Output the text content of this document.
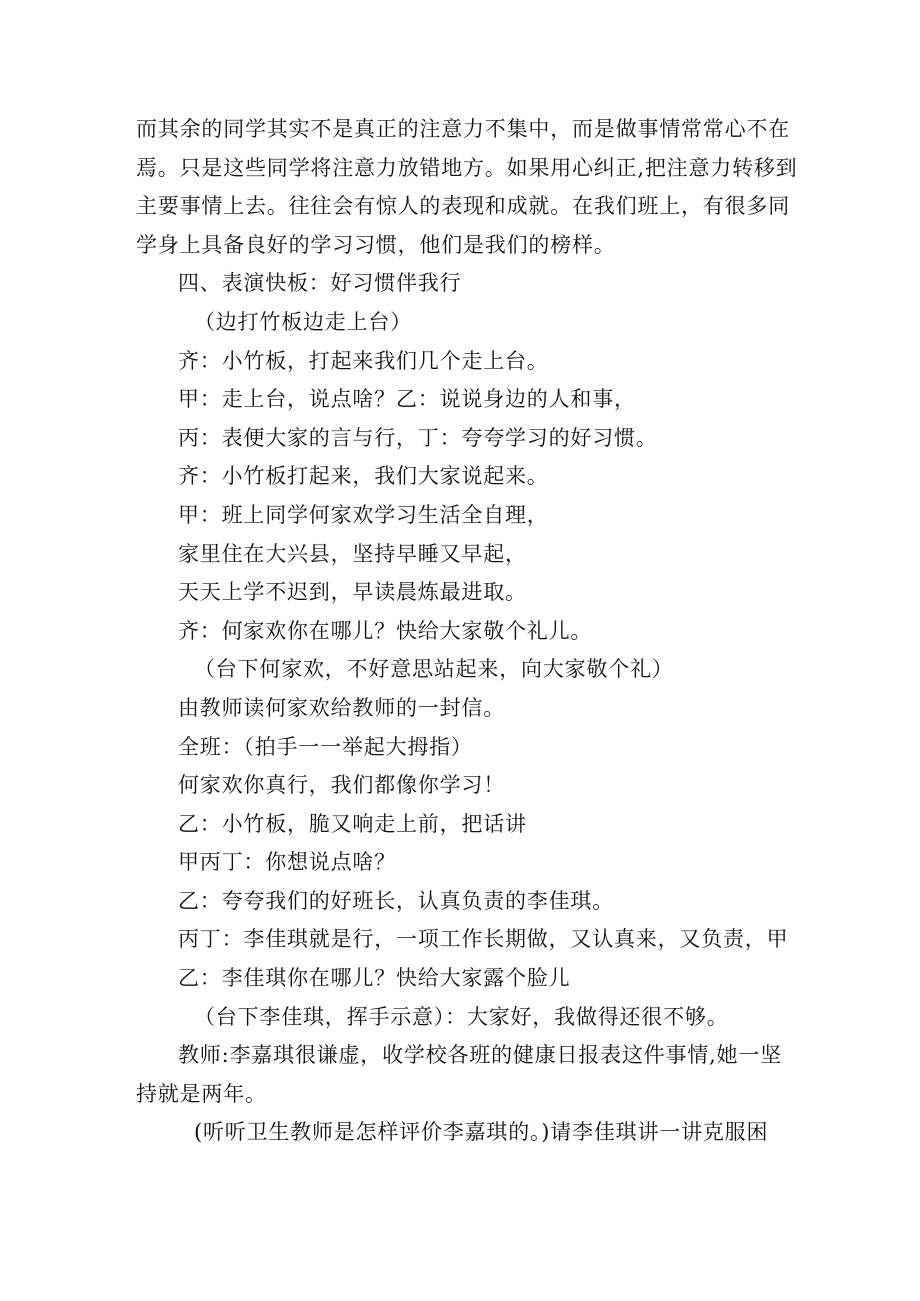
而其余的同学其实不是真正的注意力不集中，而是做事情常常心不在
焉。只是这些同学将注意力放错地方。如果用心纠正,把注意力转移到
主要事情上去。往往会有惊人的表现和成就。在我们班上，有很多同
学身上具备良好的学习习惯，他们是我们的榜样。
四、表演快板：好习惯伴我行
（边打竹板边走上台）
齐：小竹板，打起来我们几个走上台。
甲：走上台，说点啥？乙：说说身边的人和事，
丙：表便大家的言与行，丁：夸夸学习的好习惯。
齐：小竹板打起来，我们大家说起来。
甲：班上同学何家欢学习生活全自理，
家里住在大兴县，坚持早睡又早起，
天天上学不迟到，早读晨炼最进取。
齐：何家欢你在哪儿？快给大家敬个礼儿。
（台下何家欢，不好意思站起来，向大家敬个礼）
由教师读何家欢给教师的一封信。
全班：（拍手一一举起大拇指）
何家欢你真行，我们都像你学习！
乙：小竹板，脆又响走上前，把话讲
甲丙丁：你想说点啥？
乙：夸夸我们的好班长，认真负责的李佳琪。
丙丁：李佳琪就是行，一项工作长期做，又认真来，又负责，甲
乙：李佳琪你在哪儿？快给大家露个脸儿
（台下李佳琪，挥手示意）：大家好，我做得还很不够。
教师:李嘉琪很谦虚，收学校各班的健康日报表这件事情,她一坚
持就是两年。
(听听卫生教师是怎样评价李嘉琪的。)请李佳琪讲一讲克服困
